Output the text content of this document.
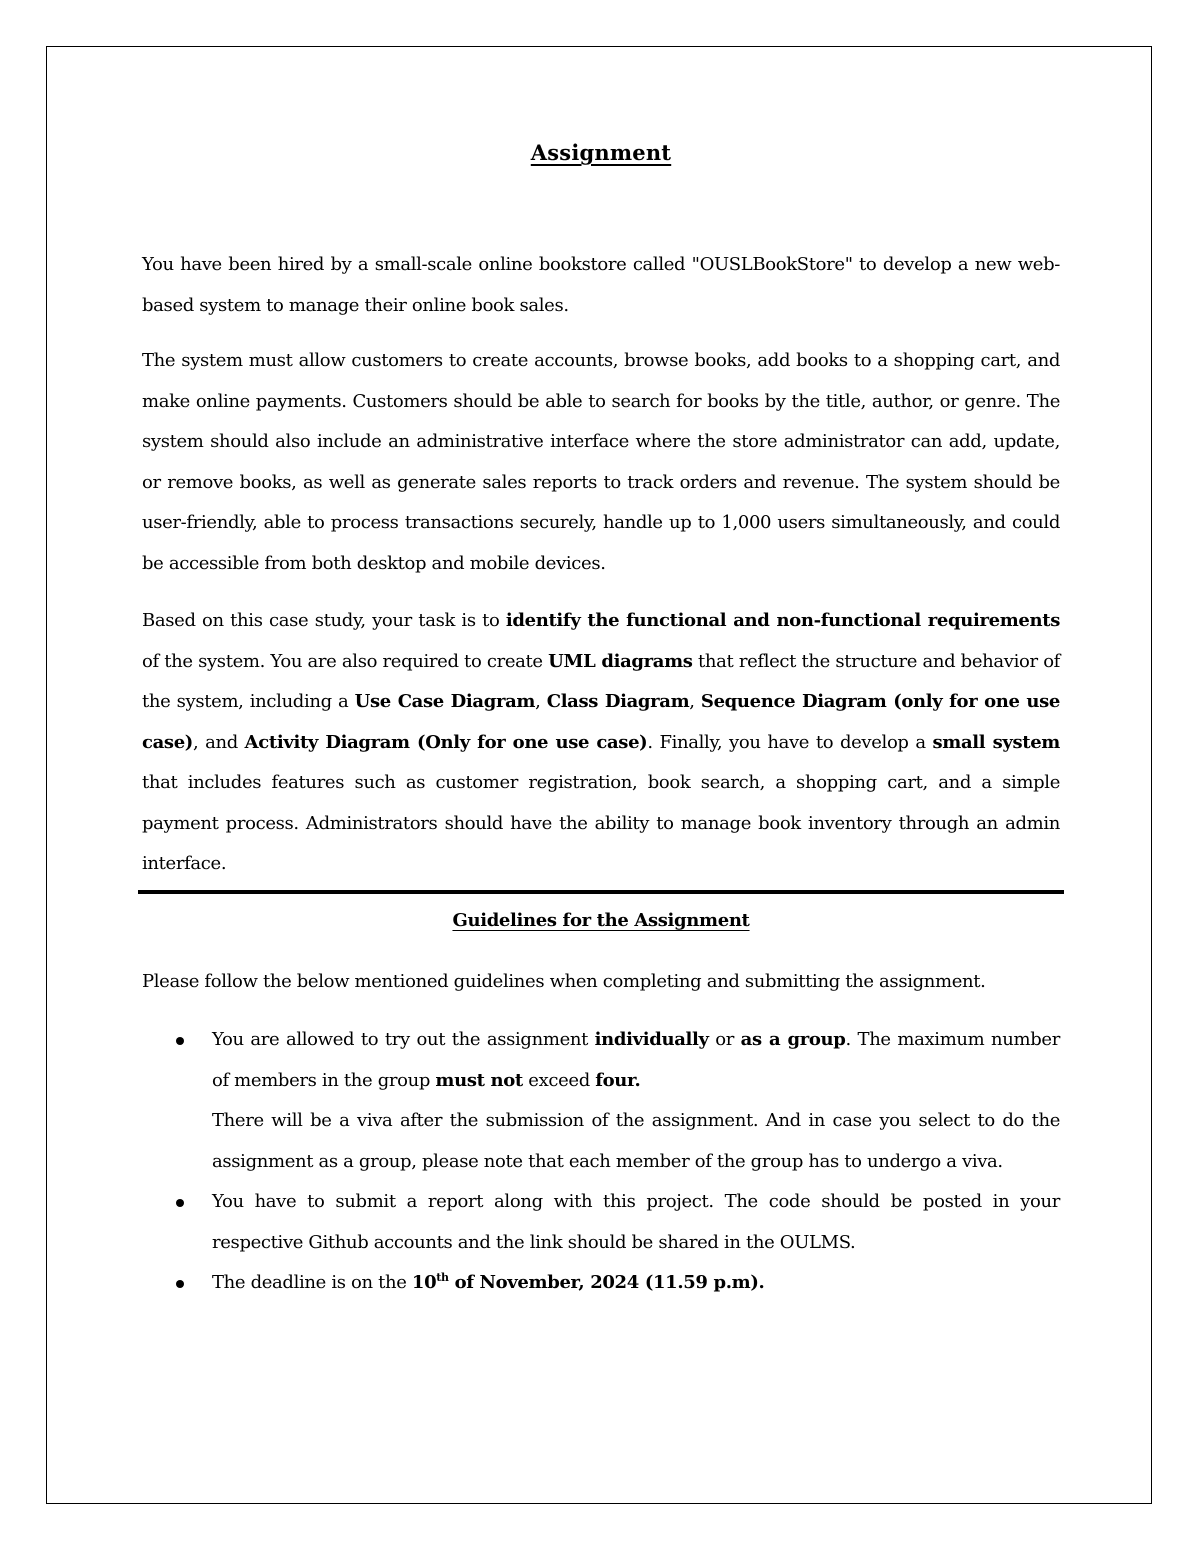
Assignment
You have been hired by a small-scale online bookstore called "OUSLBookStore" to develop a new web-based system to manage their online book sales.
The system must allow customers to create accounts, browse books, add books to a shopping cart, and make online payments. Customers should be able to search for books by the title, author, or genre. The system should also include an administrative interface where the store administrator can add, update, or remove books, as well as generate sales reports to track orders and revenue. The system should be user-friendly, able to process transactions securely, handle up to 1,000 users simultaneously, and could be accessible from both desktop and mobile devices.
Based on this case study, your task is to identify the functional and non-functional requirements of the system. You are also required to create UML diagrams that reflect the structure and behavior of the system, including a Use Case Diagram, Class Diagram, Sequence Diagram (only for one use case), and Activity Diagram (Only for one use case). Finally, you have to develop a small system that includes features such as customer registration, book search, a shopping cart, and a simple payment process. Administrators should have the ability to manage book inventory through an admin interface.
Guidelines for the Assignment
Please follow the below mentioned guidelines when completing and submitting the assignment.

You are allowed to try out the assignment individually or as a group. The maximum number of members in the group must not exceed four.

There will be a viva after the submission of the assignment. And in case you select to do the assignment as a group, please note that each member of the group has to undergo a viva.

You have to submit a report along with this project. The code should be posted in your respective Github accounts and the link should be shared in the OULMS.

The deadline is on the 10th of November, 2024 (11.59 p.m).
